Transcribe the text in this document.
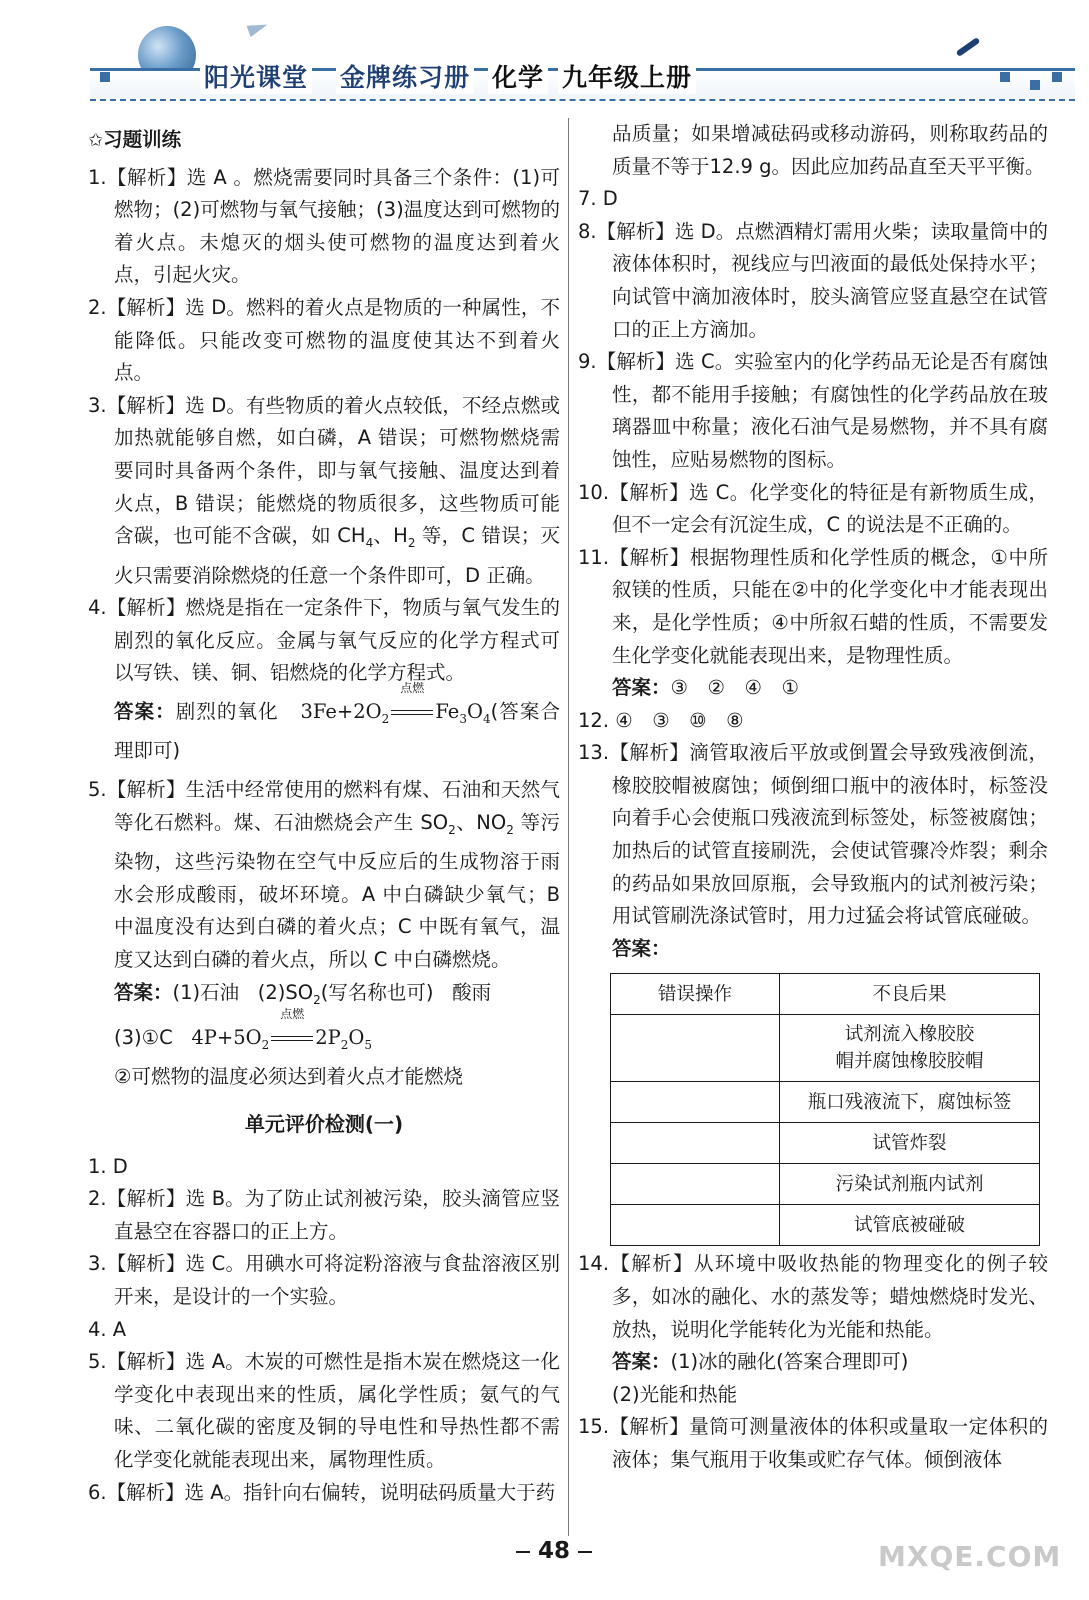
阳光课堂 金牌练习册 化学 九年级上册
✩习题训练

1.【解析】选 A 。燃烧需要同时具备三个条件：(1)可燃物；(2)可燃物与氧气接触；(3)温度达到可燃物的着火点。未熄灭的烟头使可燃物的温度达到着火点，引起火灾。

2.【解析】选 D。燃料的着火点是物质的一种属性，不能降低。只能改变可燃物的温度使其达不到着火点。

3.【解析】选 D。有些物质的着火点较低，不经点燃或加热就能够自燃，如白磷，A 错误；可燃物燃烧需要同时具备两个条件，即与氧气接触、温度达到着火点，B 错误；能燃烧的物质很多，这些物质可能含碳，也可能不含碳，如 $CH_4$、$H_2$ 等，C 错误；灭火只需要消除燃烧的任意一个条件即可，D 正确。

4.【解析】燃烧是指在一定条件下，物质与氧气发生的剧烈的氧化反应。金属与氧气反应的化学方程式可以写铁、镁、铜、铝燃烧的化学方程式。

答案：剧烈的氧化 $3Fe+2O_2$
点燃
$Fe_3O_4$(答案合理即可)

5.【解析】生活中经常使用的燃料有煤、石油和天然气等化石燃料。煤、石油燃烧会产生 $SO_2$、$NO_2$ 等污染物，这些污染物在空气中反应后的生成物溶于雨水会形成酸雨，破坏环境。A 中白磷缺少氧气；B 中温度没有达到白磷的着火点；C 中既有氧气，温度又达到白磷的着火点，所以 C 中白磷燃烧。

答案：(1)石油 $(2)SO_2$(写名称也可) 酸雨

(3)①C $4P+5O_2$
点燃
$2P_2O_5$

②可燃物的温度必须达到着火点才能燃烧

单元评价检测(一)

1. D

2.【解析】选 B。为了防止试剂被污染，胶头滴管应竖直悬空在容器口的正上方。

3.【解析】选 C。用碘水可将淀粉溶液与食盐溶液区别开来，是设计的一个实验。

4. A

5.【解析】选 A。木炭的可燃性是指木炭在燃烧这一化学变化中表现出来的性质，属化学性质；氨气的气味、二氧化碳的密度及铜的导电性和导热性都不需化学变化就能表现出来，属物理性质。

6.【解析】选 A。指针向右偏转，说明砝码质量大于药

品质量；如果增减砝码或移动游码，则称取药品的质量不等于12.9 g。因此应加药品直至天平平衡。

7. D

8.【解析】选 D。点燃酒精灯需用火柴；读取量筒中的液体体积时，视线应与凹液面的最低处保持水平；向试管中滴加液体时，胶头滴管应竖直悬空在试管口的正上方滴加。

9.【解析】选 C。实验室内的化学药品无论是否有腐蚀性，都不能用手接触；有腐蚀性的化学药品放在玻璃器皿中称量；液化石油气是易燃物，并不具有腐蚀性，应贴易燃物的图标。

10.【解析】选 C。化学变化的特征是有新物质生成，但不一定会有沉淀生成，C 的说法是不正确的。

11.【解析】根据物理性质和化学性质的概念，①中所叙镁的性质，只能在②中的化学变化中才能表现出来，是化学性质；④中所叙石蜡的性质，不需要发生化学变化就能表现出来，是物理性质。

答案：③　②　④　①

12. ④　③　⑩　⑧

13.【解析】滴管取液后平放或倒置会导致残液倒流，橡胶胶帽被腐蚀；倾倒细口瓶中的液体时，标签没向着手心会使瓶口残液流到标签处，标签被腐蚀；加热后的试管直接刷洗，会使试管骤冷炸裂；剩余的药品如果放回原瓶，会导致瓶内的试剂被污染；用试管刷洗涤试管时，用力过猛会将试管底碰破。

答案：

错误操作	不良后果
	试剂流入橡胶胶
帽并腐蚀橡胶胶帽
	瓶口残液流下，腐蚀标签
	试管炸裂
	污染试剂瓶内试剂
	试管底被碰破

14.【解析】从环境中吸收热能的物理变化的例子较多，如冰的融化、水的蒸发等；蜡烛燃烧时发光、放热，说明化学能转化为光能和热能。

答案：(1)冰的融化(答案合理即可)

(2)光能和热能

15.【解析】量筒可测量液体的体积或量取一定体积的液体；集气瓶用于收集或贮存气体。倾倒液体

48	MXQE.COM
